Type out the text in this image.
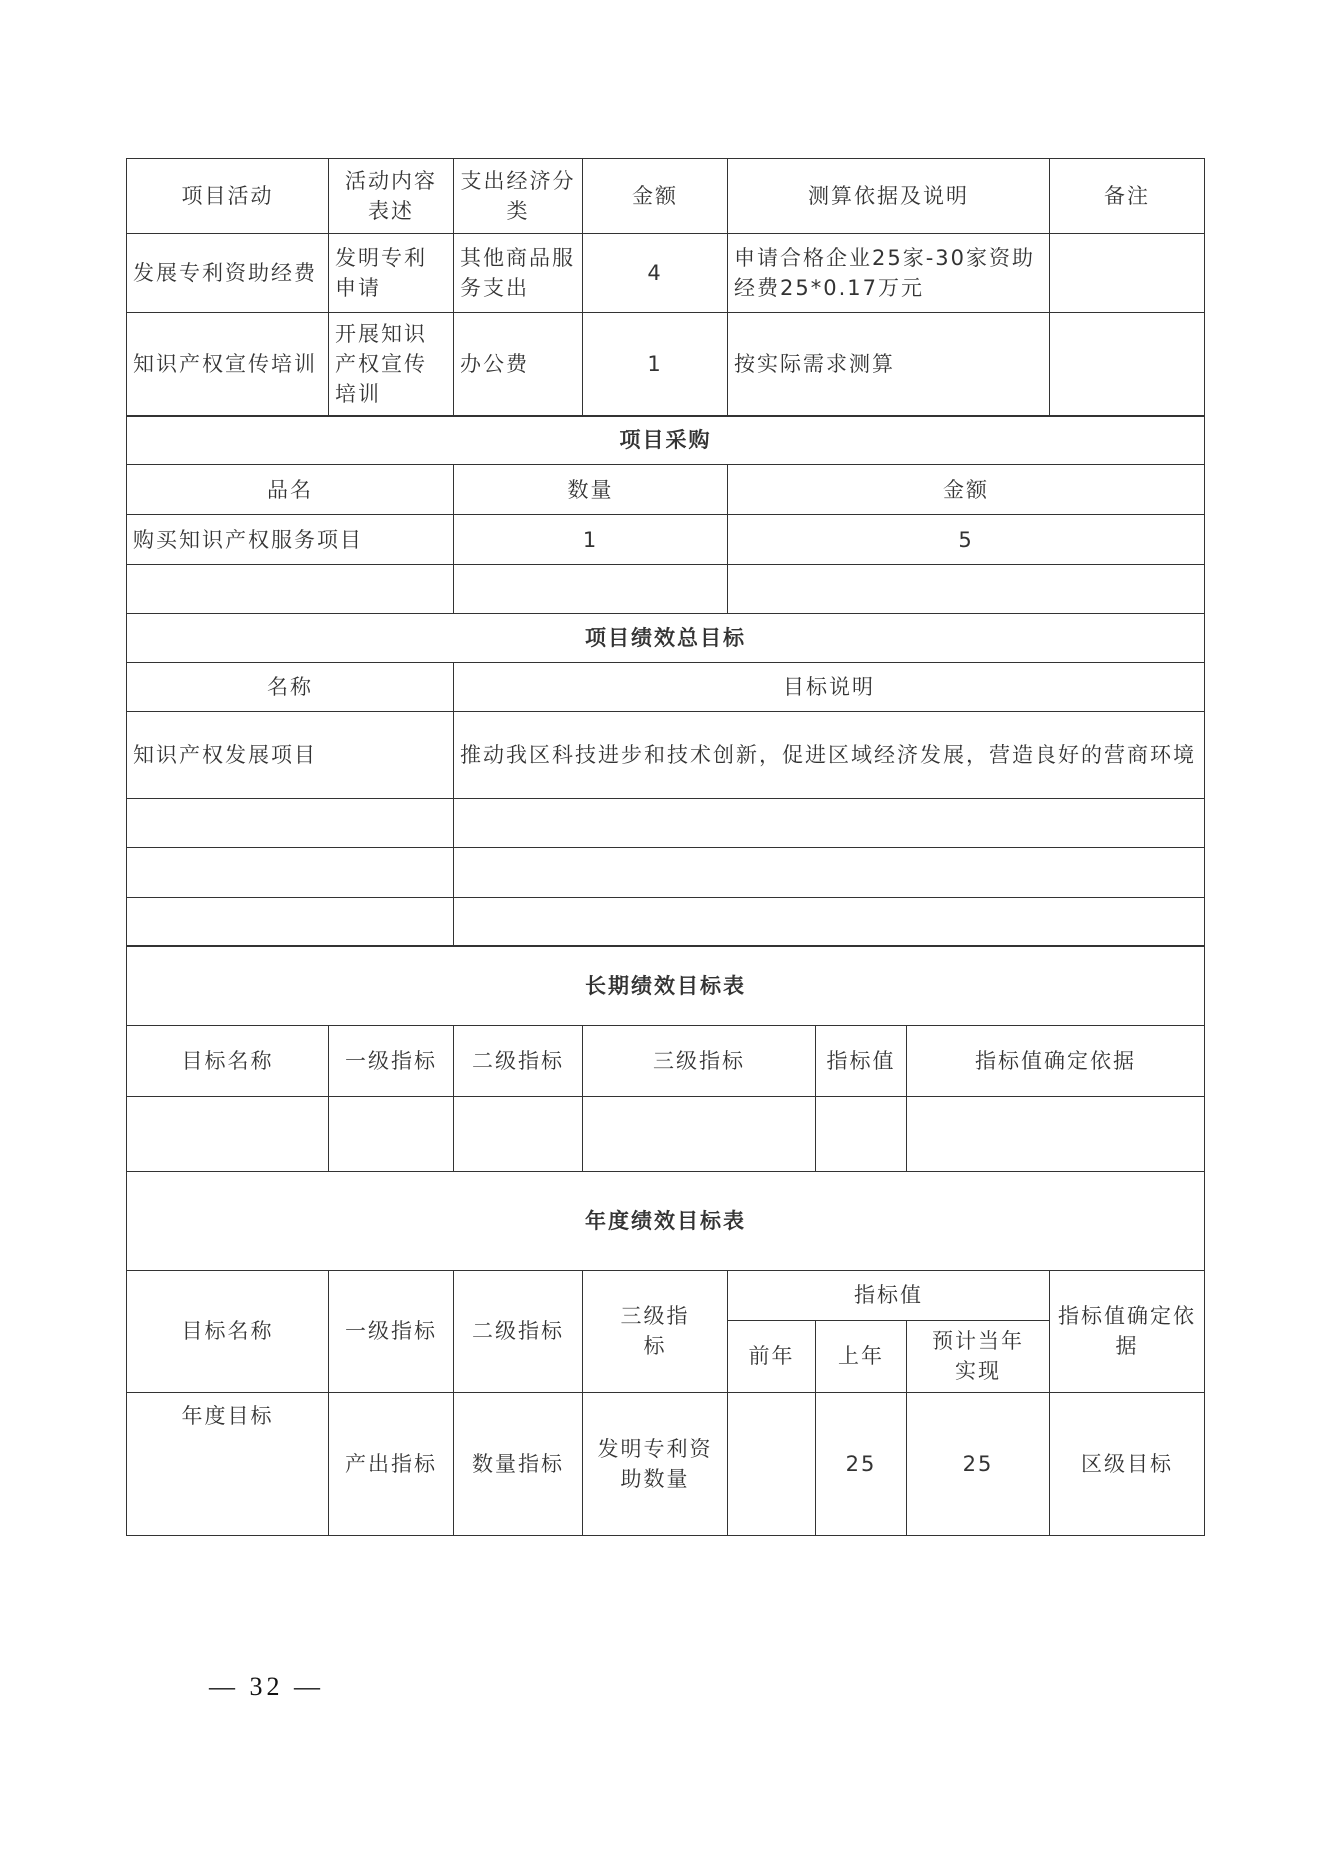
项目活动	活动内容表述	支出经济分类	金额	测算依据及说明	备注
发展专利资助经费	发明专利申请	其他商品服务支出	4	申请合格企业25家-30家资助经费25*0.17万元	
知识产权宣传培训	开展知识产权宣传培训	办公费	1	按实际需求测算	
项目采购		
品名	数量	金额
购买知识产权服务项目	1	5

项目绩效总目标	
名称	目标说明
知识产权发展项目	推动我区科技进步和技术创新，促进区域经济发展，营造良好的营商环境

长期绩效目标表					
目标名称	一级指标	二级指标	三级指标	指标值	指标值确定依据

年度绩效目标表							
目标名称	一级指标	二级指标	三级指标	指标值			指标值确定依据
				前年	上年	预计当年实现	
年度目标	产出指标	数量指标	发明专利资助数量		25	25	区级目标
— 32 —
